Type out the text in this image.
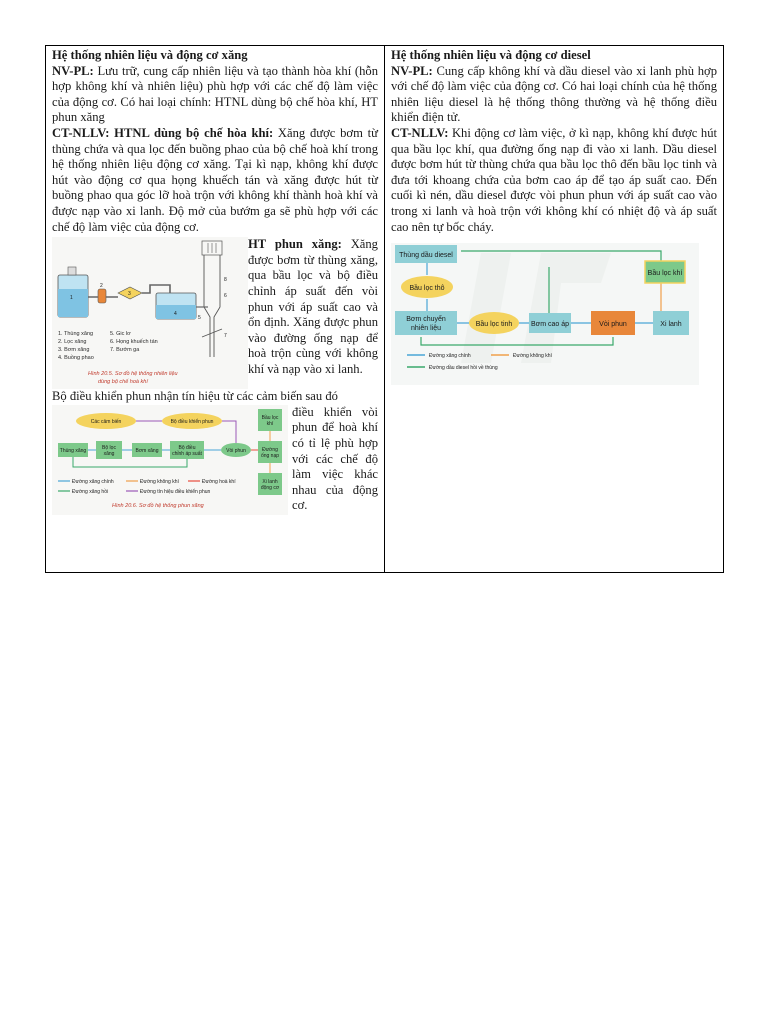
Hệ thống nhiên liệu và động cơ xăng

NV-PL: Lưu trữ, cung cấp nhiên liệu và tạo thành hòa khí (hỗn hợp không khí và nhiên liệu) phù hợp với các chế độ làm việc của động cơ. Có hai loại chính: HTNL dùng bộ chế hòa khí, HT phun xăng

CT-NLLV: HTNL dùng bộ chế hòa khí: Xăng được bơm từ thùng chứa và qua lọc đến buồng phao của bộ chế hoà khí trong hệ thống nhiên liệu động cơ xăng. Tại kì nạp, không khí được hút vào động cơ qua họng khuếch tán và xăng được hút từ buồng phao qua góc lỡ hoà trộn với không khí thành hoà khí và được nạp vào xi lanh. Độ mở của bướm ga sẽ phù hợp với các chế độ làm việc của động cơ.

1
2
3
4
5
6
7
8
1. Thùng xăng
2. Lọc xăng
3. Bơm xăng
4. Buồng phao
5. Gic lơ
6. Họng khuếch tán
7. Bướm ga
Hình 20.5. Sơ đồ hệ thống nhiên liệu
dùng bộ chế hoà khí

HT phun xăng: Xăng được bơm từ thùng xăng, qua bầu lọc và bộ điều chỉnh áp suất đến vòi phun với áp suất cao và ổn định. Xăng được phun vào đường ống nạp để hoà trộn cùng với không khí và nạp vào xi lanh.

Bộ điều khiển phun nhận tín hiệu từ các cảm biến sau đó

Các cảm biến	Bộ điều khiển phun
Thùng xăng	Bộ lọc
xăng	Bơm xăng	Bộ điều
chỉnh áp suất	Vòi phun
Bầu lọc
khí
Đường
ống nạp
Xi lanh
động cơ
Đường xăng chính	Đường không khí	Đường hoà khí
Đường xăng hồi	Đường tín hiệu điều khiển phun
Hình 20.6. Sơ đồ hệ thống phun xăng

điều khiển vòi phun để hoà khí có tỉ lệ phù hợp với các chế độ làm việc khác nhau của động cơ.

Hệ thống nhiên liệu và động cơ diesel

NV-PL: Cung cấp không khí và dầu diesel vào xi lanh phù hợp với chế độ làm việc của động cơ. Có hai loại chính của hệ thống nhiên liệu diesel là hệ thống thông thường và hệ thống điều khiển điện tử.

CT-NLLV: Khi động cơ làm việc, ở kì nạp, không khí được hút qua bầu lọc khí, qua đường ống nạp đi vào xi lanh. Dầu diesel được bơm hút từ thùng chứa qua bầu lọc thô đến bầu lọc tinh và đưa tới khoang chứa của bơm cao áp để tạo áp suất cao. Đến cuối kì nén, dầu diesel được vòi phun phun với áp suất cao vào trong xi lanh và hoà trộn với không khí có nhiệt độ và áp suất cao nên tự bốc cháy.

Thùng dầu diesel
Bầu lọc thô
Bơm chuyển
nhiên liệu
Bầu lọc tinh	Bơm cao áp	Vòi phun
Bầu lọc khí
Xi lanh
Đường xăng chính	Đường không khí
Đường dầu diesel hồi về thùng
